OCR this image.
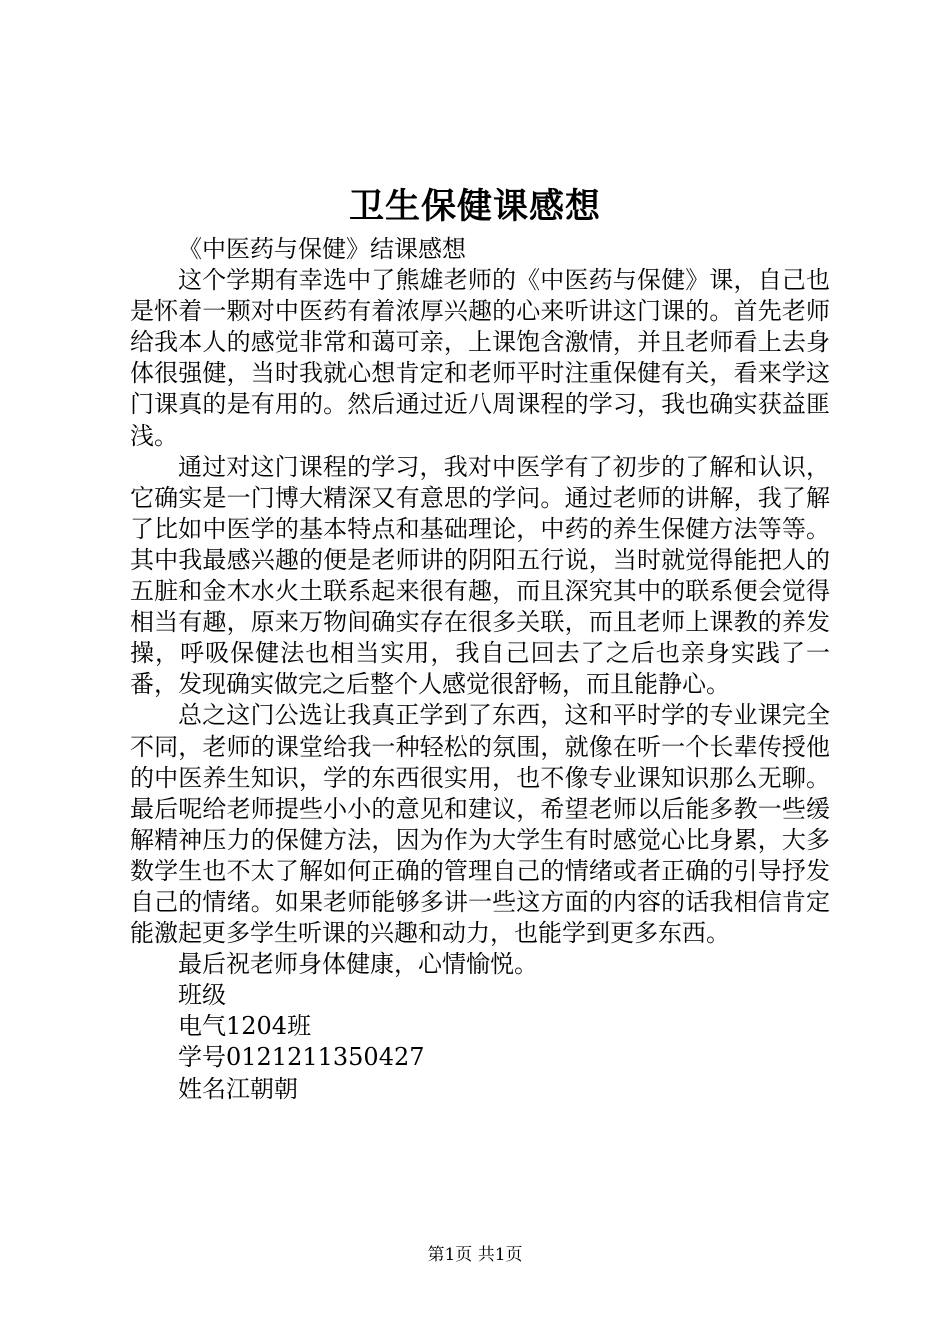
卫生保健课感想

《中医药与保健》结课感想

这个学期有幸选中了熊雄老师的《中医药与保健》课，自己也是怀着一颗对中医药有着浓厚兴趣的心来听讲这门课的。首先老师给我本人的感觉非常和蔼可亲，上课饱含激情，并且老师看上去身体很强健，当时我就心想肯定和老师平时注重保健有关，看来学这门课真的是有用的。然后通过近八周课程的学习，我也确实获益匪浅。

通过对这门课程的学习，我对中医学有了初步的了解和认识，它确实是一门博大精深又有意思的学问。通过老师的讲解，我了解了比如中医学的基本特点和基础理论，中药的养生保健方法等等。其中我最感兴趣的便是老师讲的阴阳五行说，当时就觉得能把人的五脏和金木水火土联系起来很有趣，而且深究其中的联系便会觉得相当有趣，原来万物间确实存在很多关联，而且老师上课教的养发操，呼吸保健法也相当实用，我自己回去了之后也亲身实践了一番，发现确实做完之后整个人感觉很舒畅，而且能静心。

总之这门公选让我真正学到了东西，这和平时学的专业课完全不同，老师的课堂给我一种轻松的氛围，就像在听一个长辈传授他的中医养生知识，学的东西很实用，也不像专业课知识那么无聊。最后呢给老师提些小小的意见和建议，希望老师以后能多教一些缓解精神压力的保健方法，因为作为大学生有时感觉心比身累，大多数学生也不太了解如何正确的管理自己的情绪或者正确的引导抒发自己的情绪。如果老师能够多讲一些这方面的内容的话我相信肯定能激起更多学生听课的兴趣和动力，也能学到更多东西。

最后祝老师身体健康，心情愉悦。

班级

电气1204班

学号0121211350427

姓名江朝朝

第1页 共1页
